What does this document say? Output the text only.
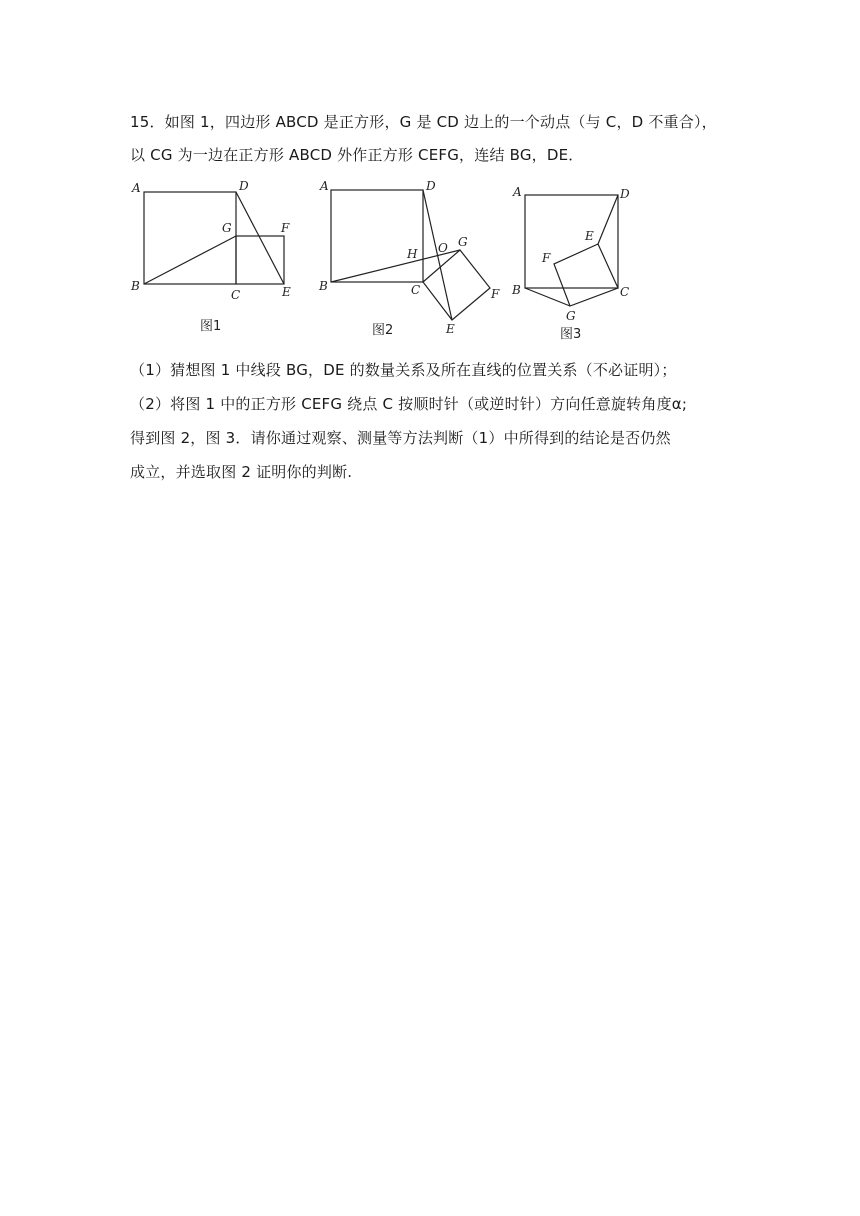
15．如图 1，四边形 ABCD 是正方形，G 是 CD 边上的一个动点（与 C，D 不重合），
以 CG 为一边在正方形 ABCD 外作正方形 CEFG，连结 BG，DE．
A	D
G	F
B
C	E
图1
A	D
H O G
F
B	C
E
图2
A	D
E
F
B	C
G
图3
（1）猜想图 1 中线段 BG，DE 的数量关系及所在直线的位置关系（不必证明）；
（2）将图 1 中的正方形 CEFG 绕点 C 按顺时针（或逆时针）方向任意旋转角度α;
得到图 2，图 3．请你通过观察、测量等方法判断（1）中所得到的结论是否仍然
成立，并选取图 2 证明你的判断.
